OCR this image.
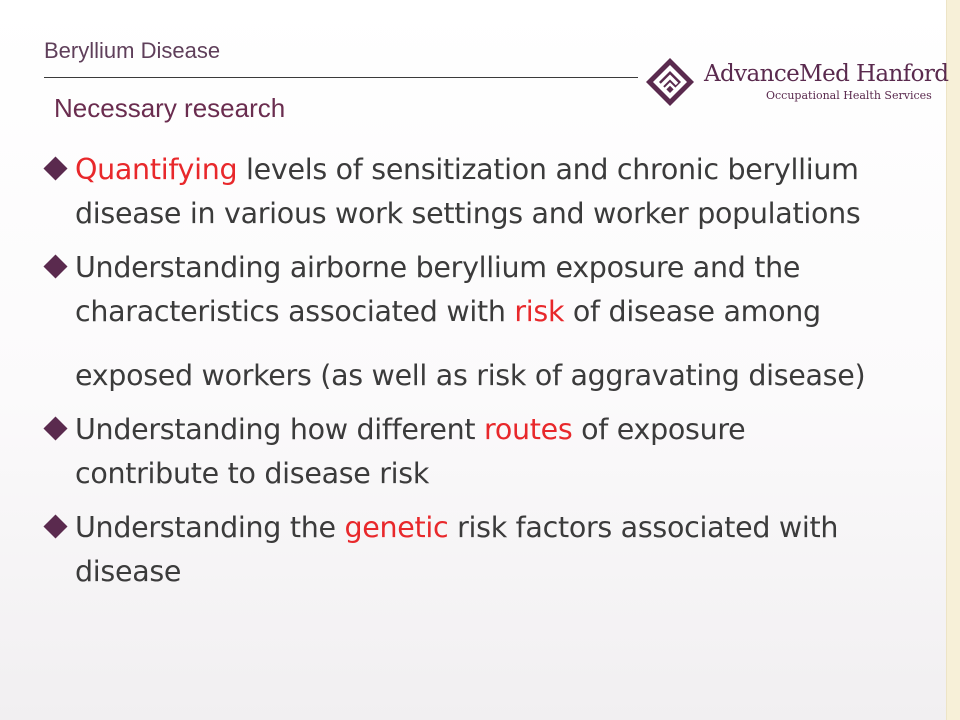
Beryllium Disease
Necessary research
AdvanceMed Hanford
Occupational Health Services
Quantifying levels of sensitization and chronic beryllium
disease in various work settings and worker populations
Understanding airborne beryllium exposure and the
characteristics associated with risk of disease among
exposed workers (as well as risk of aggravating disease)
Understanding how different routes of exposure
contribute to disease risk
Understanding the genetic risk factors associated with
disease
